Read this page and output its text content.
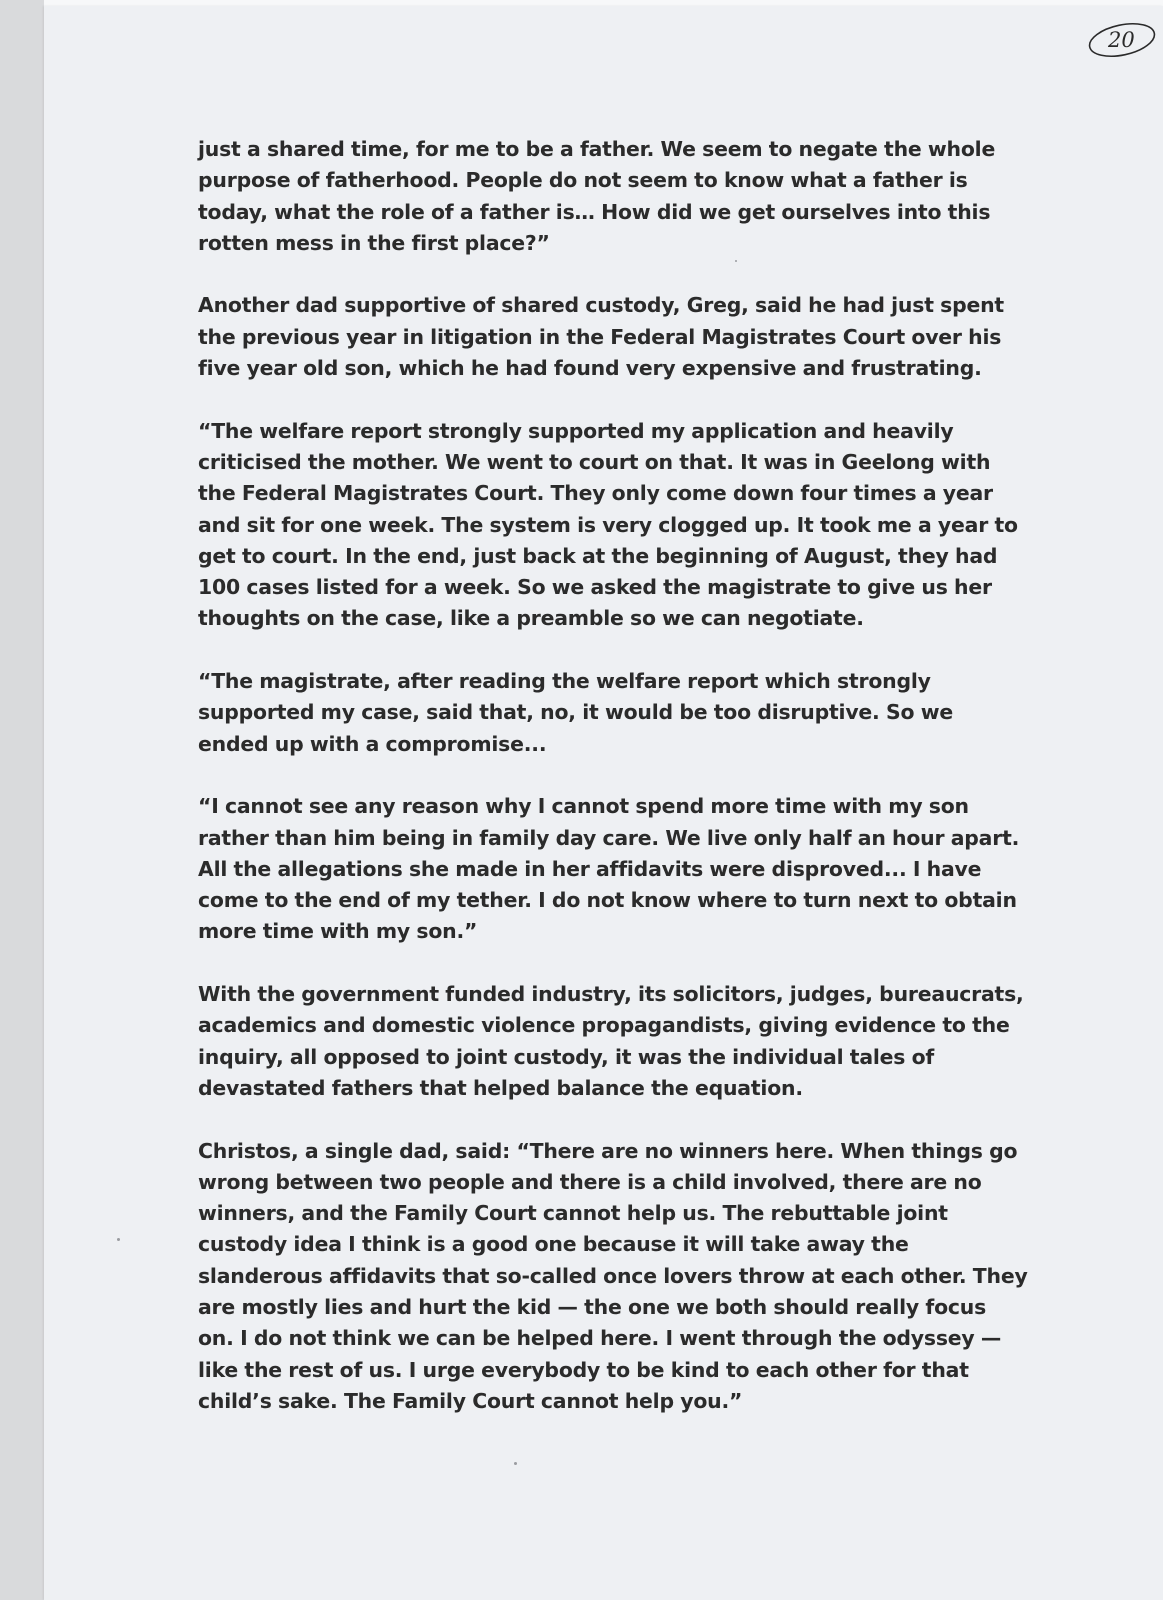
20

just a shared time, for me to be a father. We seem to negate the whole purpose of fatherhood. People do not seem to know what a father is today, what the role of a father is… How did we get ourselves into this rotten mess in the first place?”

Another dad supportive of shared custody, Greg, said he had just spent the previous year in litigation in the Federal Magistrates Court over his five year old son, which he had found very expensive and frustrating.

“The welfare report strongly supported my application and heavily criticised the mother. We went to court on that. It was in Geelong with the Federal Magistrates Court. They only come down four times a year and sit for one week. The system is very clogged up. It took me a year to get to court. In the end, just back at the beginning of August, they had 100 cases listed for a week. So we asked the magistrate to give us her thoughts on the case, like a preamble so we can negotiate.

“The magistrate, after reading the welfare report which strongly supported my case, said that, no, it would be too disruptive. So we ended up with a compromise...

“I cannot see any reason why I cannot spend more time with my son rather than him being in family day care. We live only half an hour apart. All the allegations she made in her affidavits were disproved... I have come to the end of my tether. I do not know where to turn next to obtain more time with my son.”

With the government funded industry, its solicitors, judges, bureaucrats, academics and domestic violence propagandists, giving evidence to the inquiry, all opposed to joint custody, it was the individual tales of devastated fathers that helped balance the equation.

Christos, a single dad, said: “There are no winners here. When things go wrong between two people and there is a child involved, there are no winners, and the Family Court cannot help us. The rebuttable joint custody idea I think is a good one because it will take away the slanderous affidavits that so-called once lovers throw at each other. They are mostly lies and hurt the kid — the one we both should really focus on. I do not think we can be helped here. I went through the odyssey — like the rest of us. I urge everybody to be kind to each other for that child’s sake. The Family Court cannot help you.”
